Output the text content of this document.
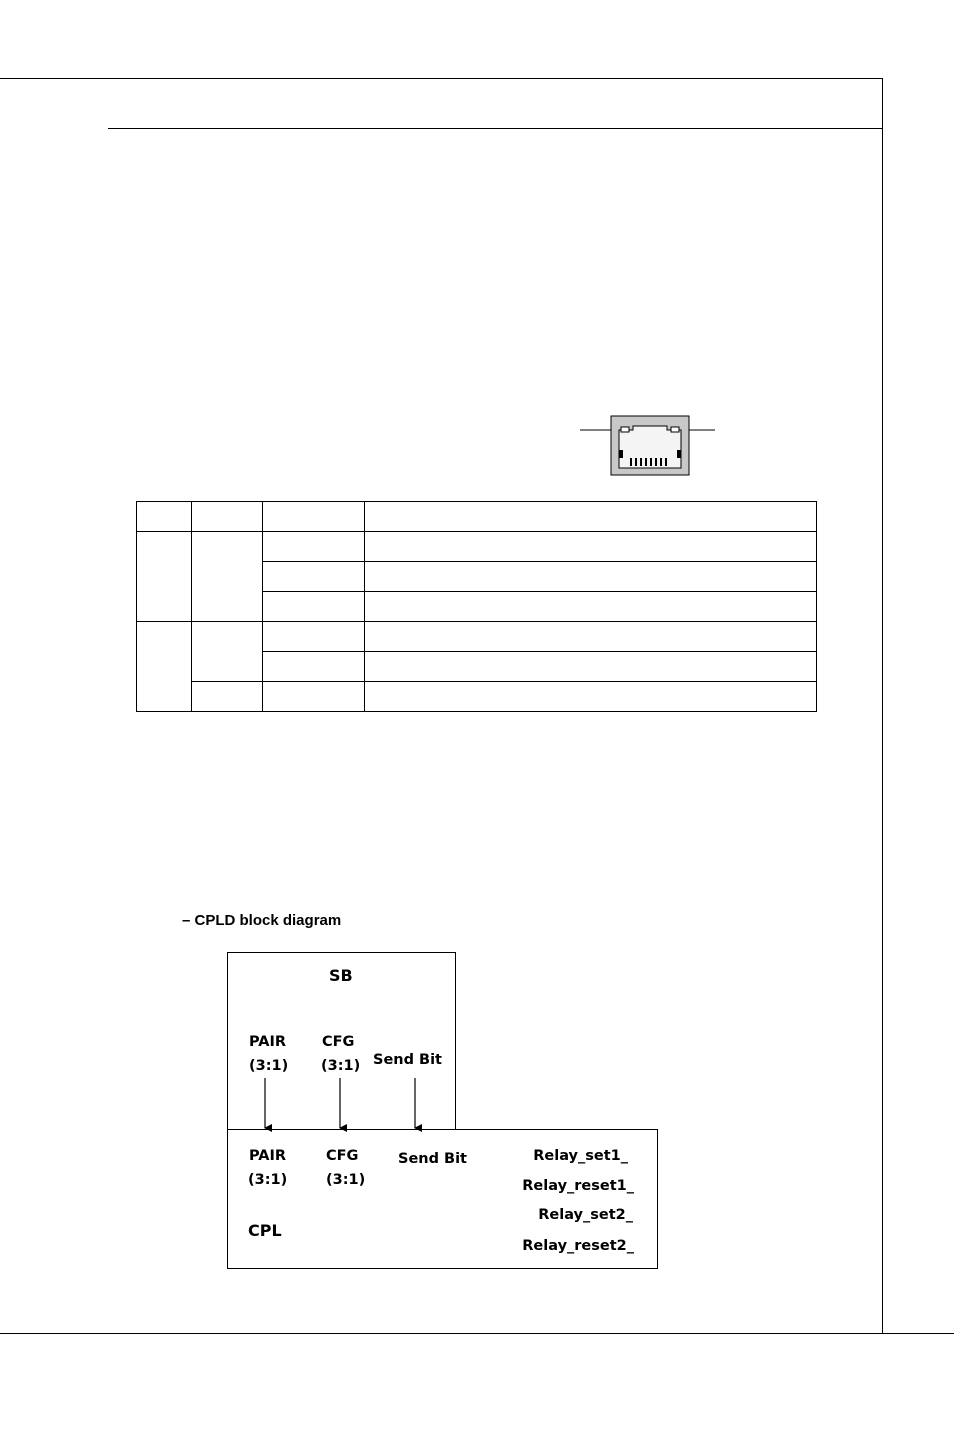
– CPLD block diagram
SB
PAIR
(3:1)
CFG
(3:1) Send Bit
PAIR
(3:1)
CFG
(3:1)
Send Bit
CPL
Relay_set1_
Relay_reset1_
Relay_set2_
Relay_reset2_
